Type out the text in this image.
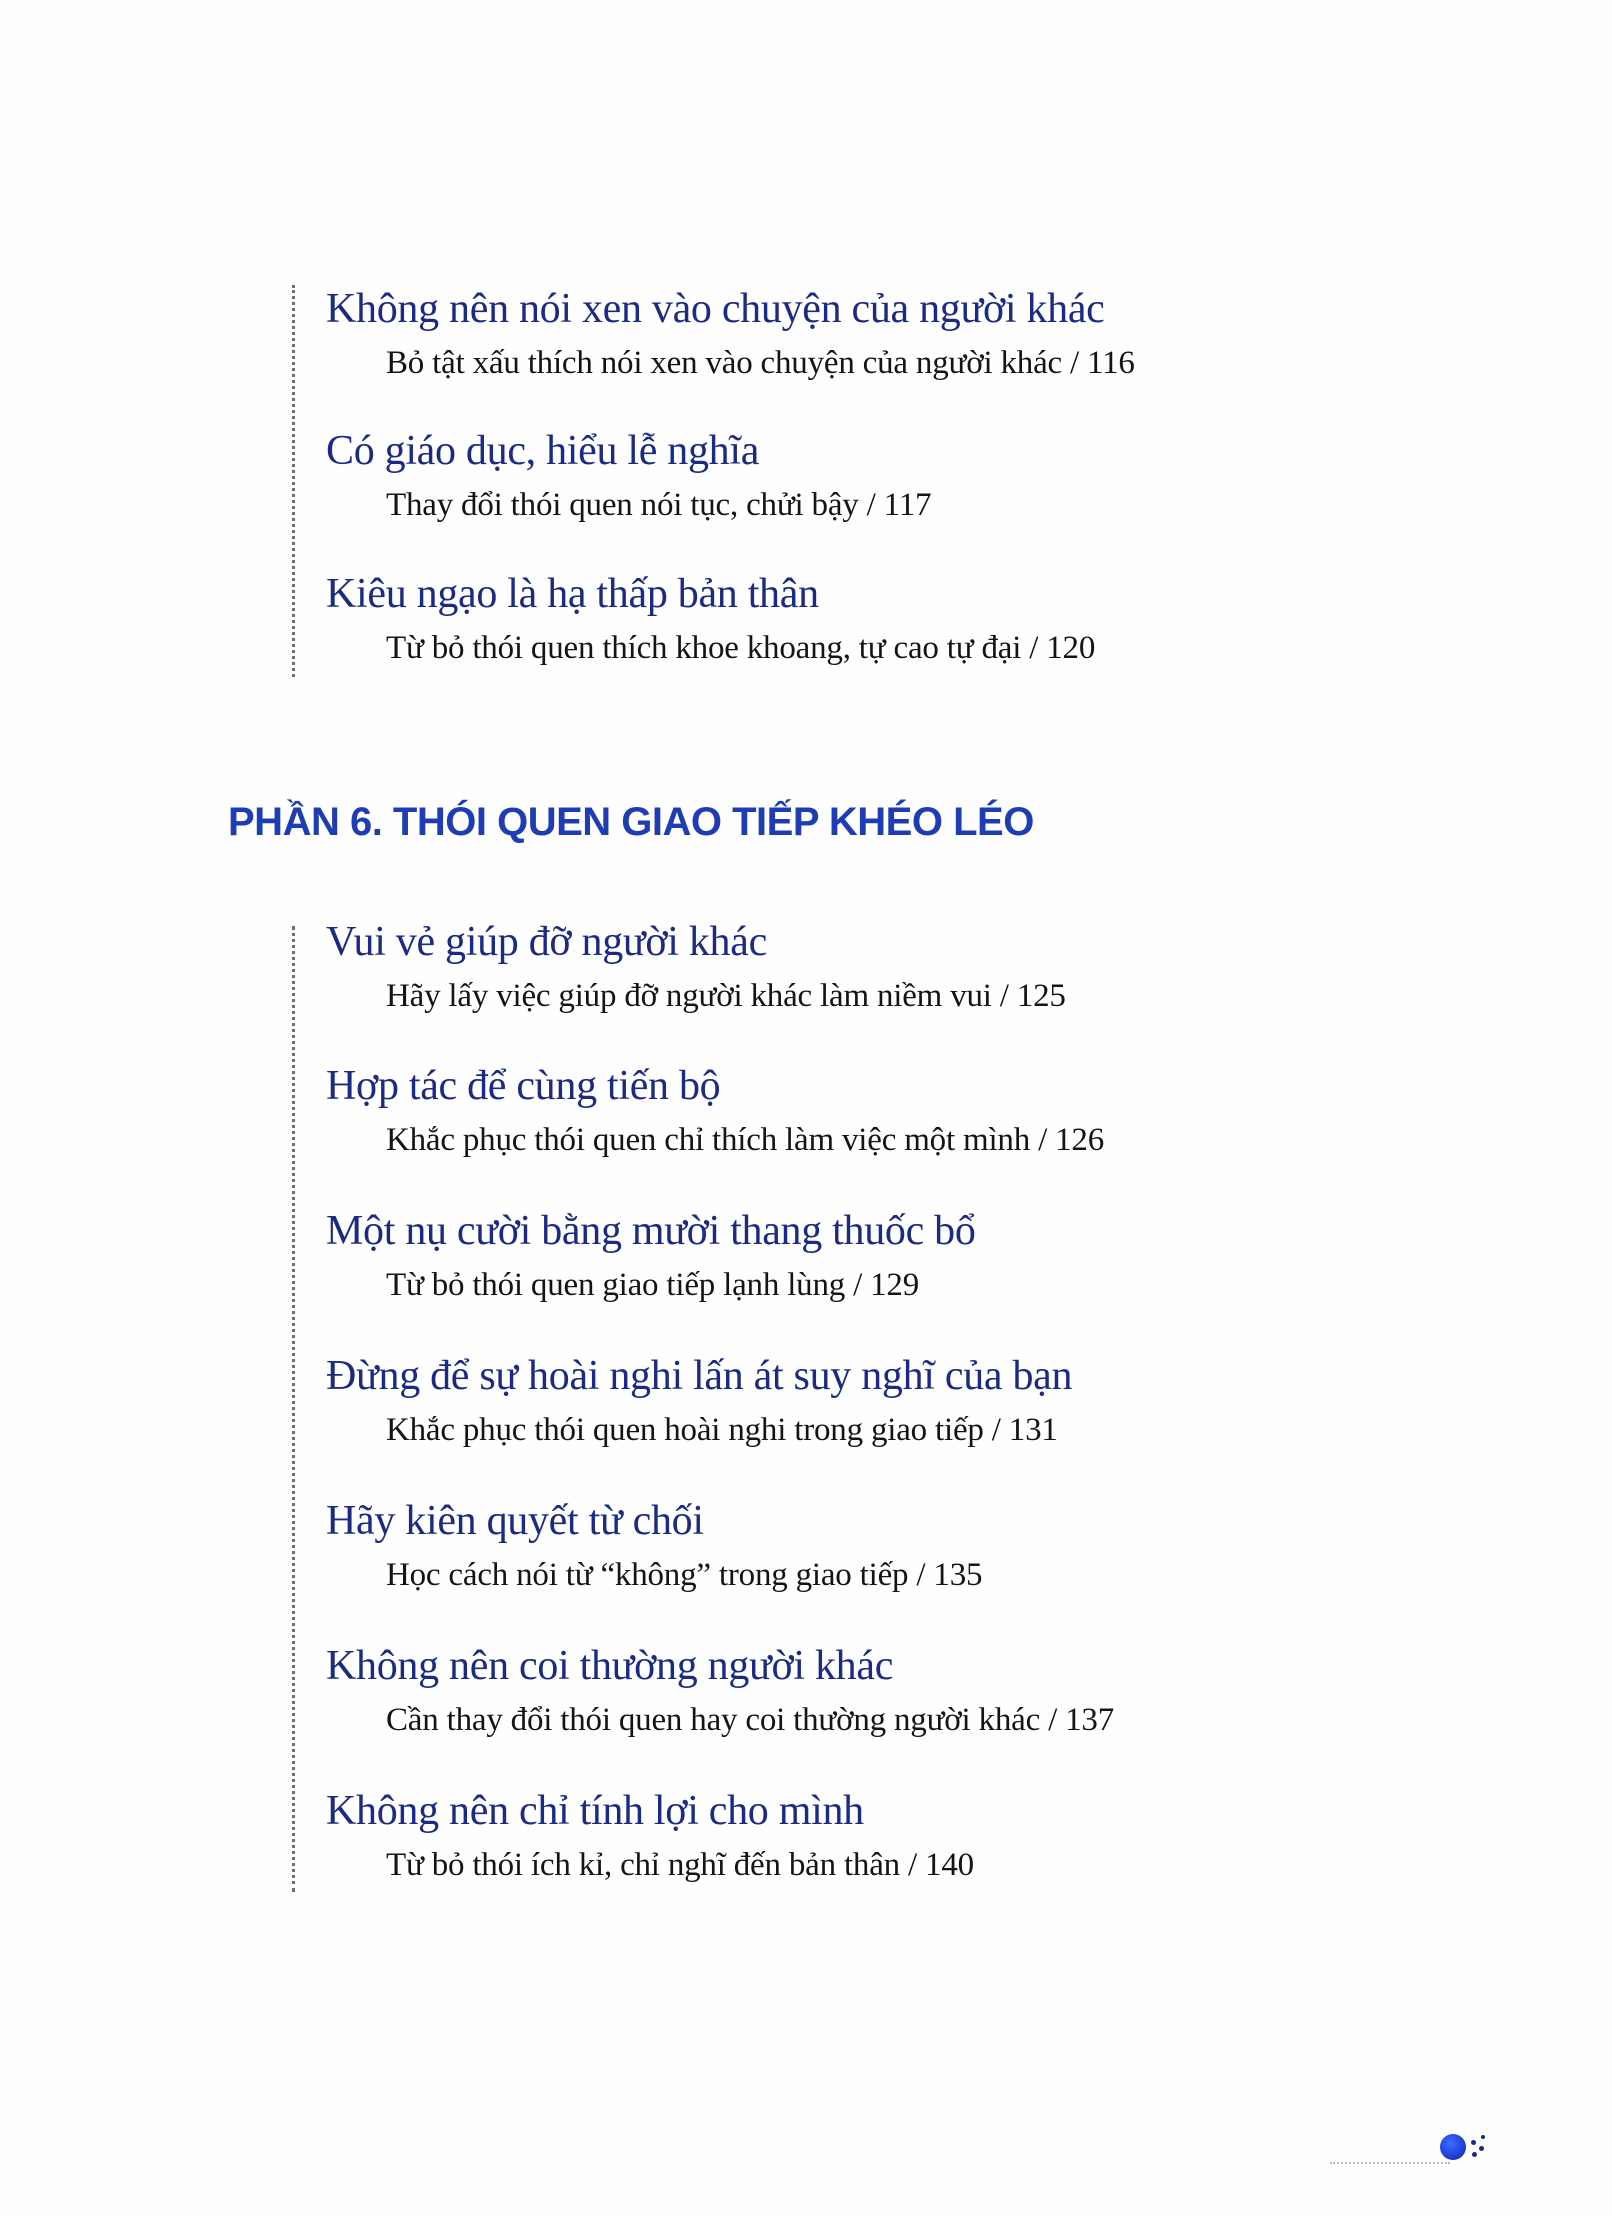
Không nên nói xen vào chuyện của người khác
Bỏ tật xấu thích nói xen vào chuyện của người khác / 116
Có giáo dục, hiểu lễ nghĩa
Thay đổi thói quen nói tục, chửi bậy / 117
Kiêu ngạo là hạ thấp bản thân
Từ bỏ thói quen thích khoe khoang, tự cao tự đại / 120
PHẦN 6. THÓI QUEN GIAO TIẾP KHÉO LÉO
Vui vẻ giúp đỡ người khác
Hãy lấy việc giúp đỡ người khác làm niềm vui / 125
Hợp tác để cùng tiến bộ
Khắc phục thói quen chỉ thích làm việc một mình / 126
Một nụ cười bằng mười thang thuốc bổ
Từ bỏ thói quen giao tiếp lạnh lùng / 129
Đừng để sự hoài nghi lấn át suy nghĩ của bạn
Khắc phục thói quen hoài nghi trong giao tiếp / 131
Hãy kiên quyết từ chối
Học cách nói từ “không” trong giao tiếp / 135
Không nên coi thường người khác
Cần thay đổi thói quen hay coi thường người khác / 137
Không nên chỉ tính lợi cho mình
Từ bỏ thói ích kỉ, chỉ nghĩ đến bản thân / 140
